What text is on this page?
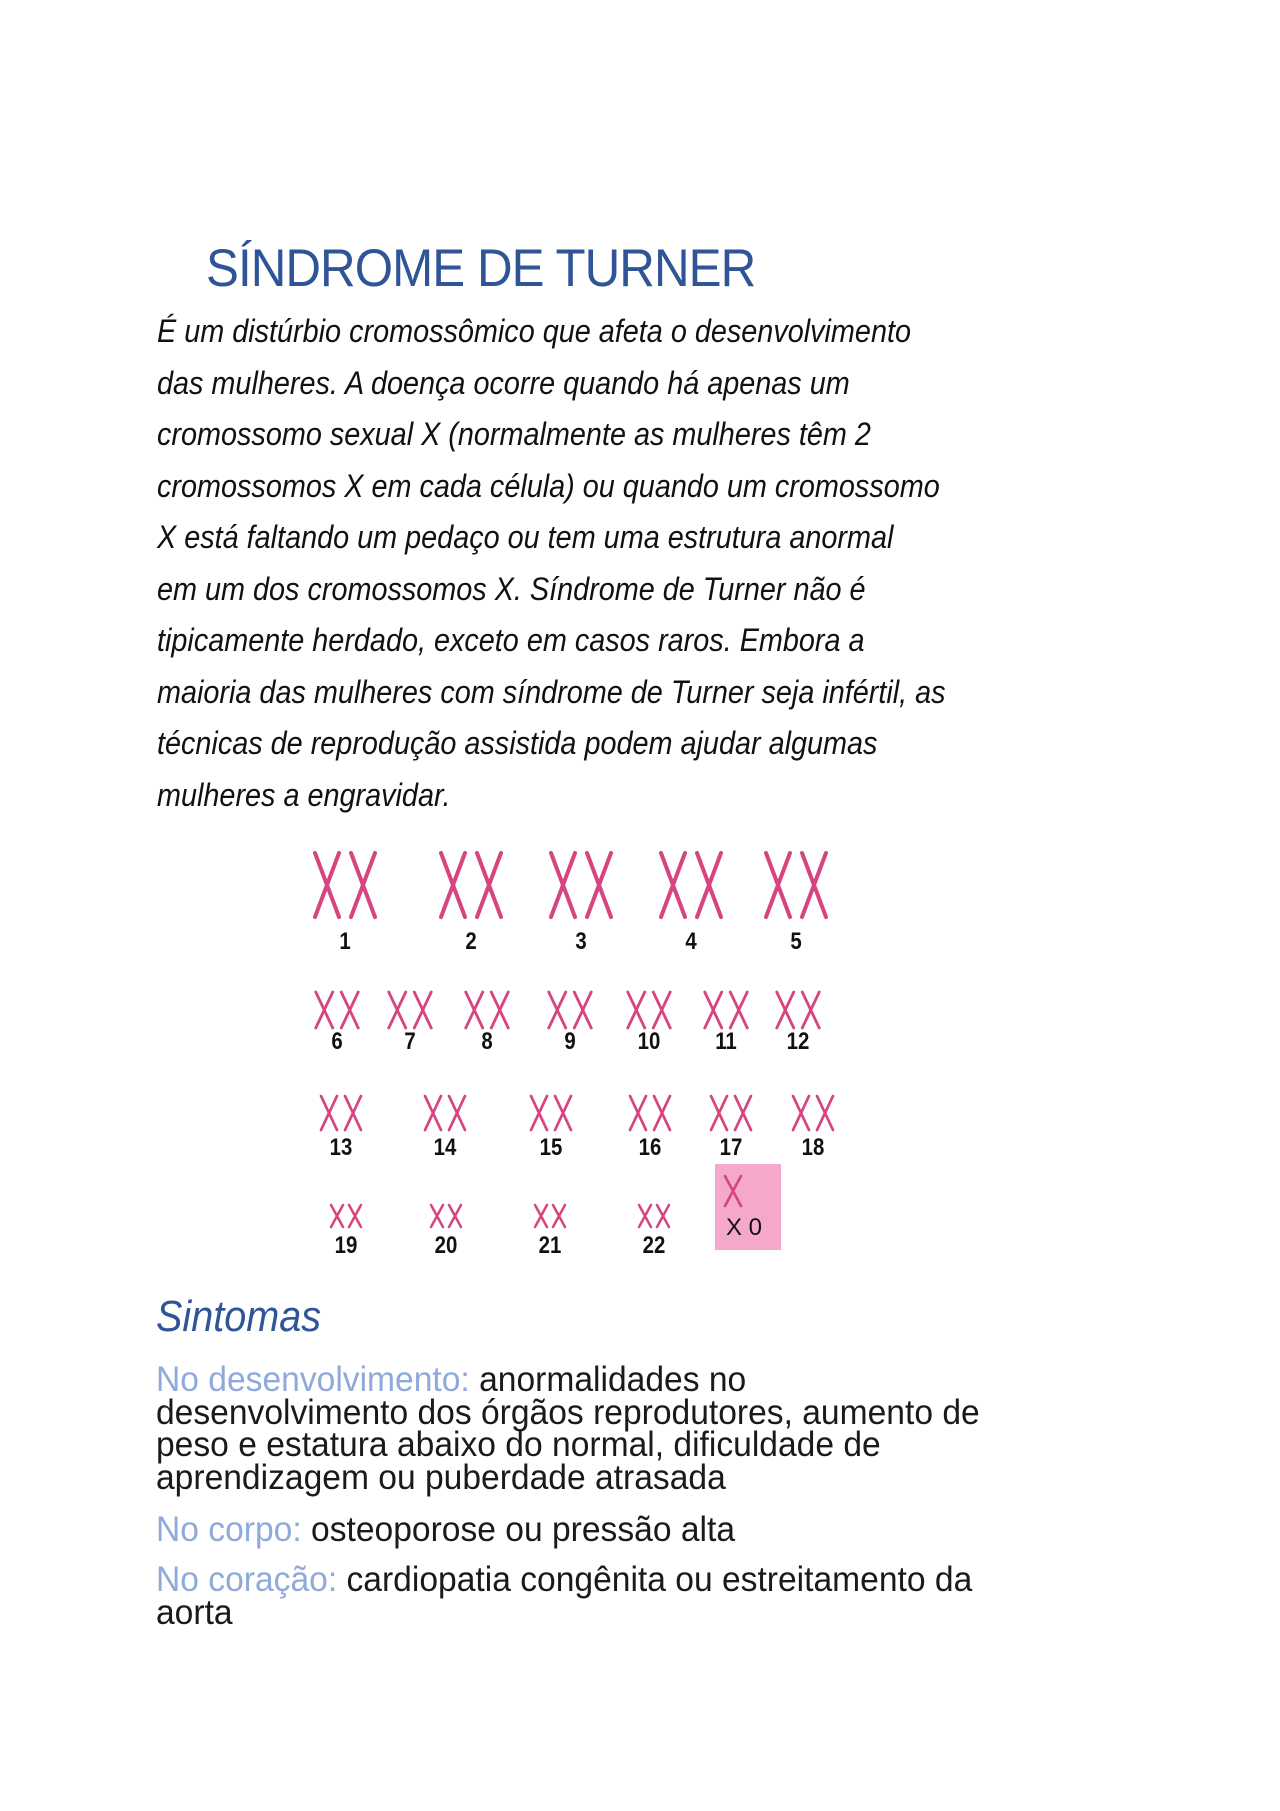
SÍNDROME DE TURNER
É um distúrbio cromossômico que afeta o desenvolvimento
das mulheres. A doença ocorre quando há apenas um
cromossomo sexual X (normalmente as mulheres têm 2
cromossomos X em cada célula) ou quando um cromossomo
X está faltando um pedaço ou tem uma estrutura anormal
em um dos cromossomos X. Síndrome de Turner não é
tipicamente herdado, exceto em casos raros. Embora a
maioria das mulheres com síndrome de Turner seja infértil, as
técnicas de reprodução assistida podem ajudar algumas
mulheres a engravidar.
X 0
1	2	3	4	5
6	7	8	9	10 11 12
13	14	15	16 17 18
19	20	21	22
Sintomas
No desenvolvimento: anormalidades no
desenvolvimento dos órgãos reprodutores, aumento de
peso e estatura abaixo do normal, dificuldade de
aprendizagem ou puberdade atrasada
No corpo: osteoporose ou pressão alta
No coração: cardiopatia congênita ou estreitamento da
aorta
